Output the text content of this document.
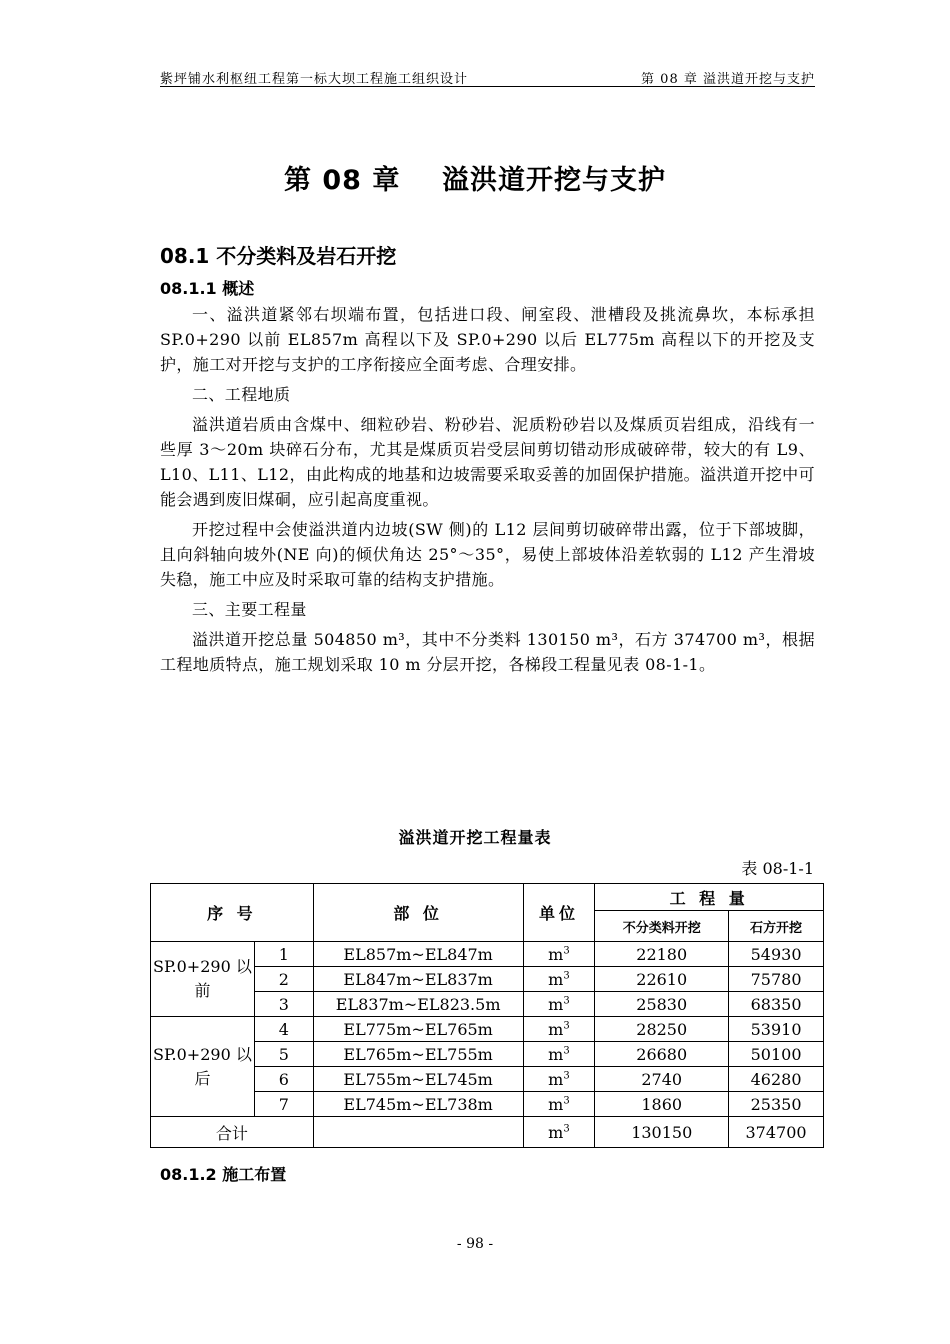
紫坪铺水利枢纽工程第一标大坝工程施工组织设计	第 08 章 溢洪道开挖与支护
第 08 章    溢洪道开挖与支护
08.1 不分类料及岩石开挖
08.1.1 概述

一、溢洪道紧邻右坝端布置，包括进口段、闸室段、泄槽段及挑流鼻坎，本标承担 SP.0+290 以前 EL857m 高程以下及 SP.0+290 以后 EL775m 高程以下的开挖及支护，施工对开挖与支护的工序衔接应全面考虑、合理安排。

二、工程地质

溢洪道岩质由含煤中、细粒砂岩、粉砂岩、泥质粉砂岩以及煤质页岩组成，沿线有一些厚 3～20m 块碎石分布，尤其是煤质页岩受层间剪切错动形成破碎带，较大的有 L9、L10、L11、L12，由此构成的地基和边坡需要采取妥善的加固保护措施。溢洪道开挖中可能会遇到废旧煤硐，应引起高度重视。

开挖过程中会使溢洪道内边坡(SW 侧)的 L12 层间剪切破碎带出露，位于下部坡脚，且向斜轴向坡外(NE 向)的倾伏角达 25°～35°，易使上部坡体沿差软弱的 L12 产生滑坡失稳，施工中应及时采取可靠的结构支护措施。

三、主要工程量

溢洪道开挖总量 504850 m³，其中不分类料 130150 m³，石方 374700 m³，根据工程地质特点，施工规划采取 10 m 分层开挖，各梯段工程量见表 08-1-1。

溢洪道开挖工程量表
表 08-1-1
序 号		部 位	单位	工 程 量	
				不分类料开挖	石方开挖
SP.0+290 以前	1	EL857m~EL847m	$m^3$	22180	54930
	2	EL847m~EL837m	$m^3$	22610	75780
	3	EL837m~EL823.5m	$m^3$	25830	68350
SP.0+290 以后	4	EL775m~EL765m	$m^3$	28250	53910
	5	EL765m~EL755m	$m^3$	26680	50100
	6	EL755m~EL745m	$m^3$	2740	46280
	7	EL745m~EL738m	$m^3$	1860	25350
合计			$m^3$	130150	374700
08.1.2 施工布置
- 98 -
